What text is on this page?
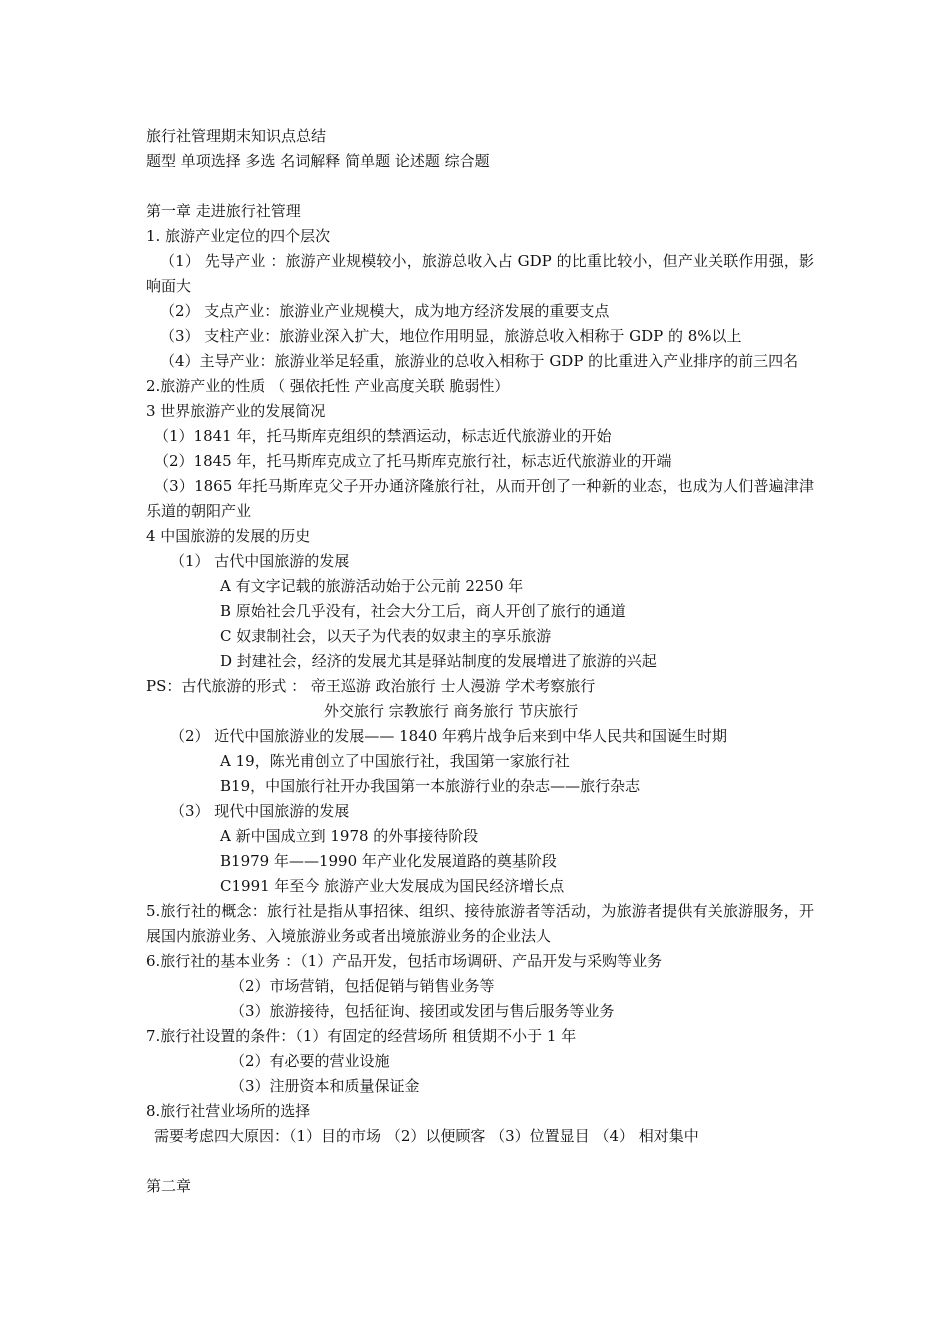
旅行社管理期末知识点总结
题型 单项选择 多选 名词解释 简单题 论述题 综合题
第一章 走进旅行社管理
1. 旅游产业定位的四个层次
（1） 先导产业 ：旅游产业规模较小，旅游总收入占 GDP 的比重比较小，但产业关联作用强，影响面大
（2） 支点产业：旅游业产业规模大，成为地方经济发展的重要支点
（3） 支柱产业：旅游业深入扩大，地位作用明显，旅游总收入相称于 GDP 的 8%以上
（4）主导产业：旅游业举足轻重，旅游业的总收入相称于 GDP 的比重进入产业排序的前三四名
2.旅游产业的性质 （ 强依托性 产业高度关联 脆弱性）
3 世界旅游产业的发展简况
（1）1841 年，托马斯库克组织的禁酒运动，标志近代旅游业的开始
（2）1845 年，托马斯库克成立了托马斯库克旅行社，标志近代旅游业的开端
（3）1865 年托马斯库克父子开办通济隆旅行社，从而开创了一种新的业态，也成为人们普遍津津乐道的朝阳产业
4 中国旅游的发展的历史
（1） 古代中国旅游的发展
A 有文字记载的旅游活动始于公元前 2250 年
B 原始社会几乎没有，社会大分工后，商人开创了旅行的通道
C 奴隶制社会，以天子为代表的奴隶主的享乐旅游
D 封建社会，经济的发展尤其是驿站制度的发展增进了旅游的兴起
PS：古代旅游的形式 ： 帝王巡游 政治旅行 士人漫游 学术考察旅行
外交旅行 宗教旅行 商务旅行 节庆旅行
（2） 近代中国旅游业的发展—— 1840 年鸦片战争后来到中华人民共和国诞生时期
A 19，陈光甫创立了中国旅行社，我国第一家旅行社
B19，中国旅行社开办我国第一本旅游行业的杂志——旅行杂志
（3） 现代中国旅游的发展
A 新中国成立到 1978 的外事接待阶段
B1979 年——1990 年产业化发展道路的奠基阶段
C1991 年至今 旅游产业大发展成为国民经济增长点
5.旅行社的概念：旅行社是指从事招徕、组织、接待旅游者等活动，为旅游者提供有关旅游服务，开展国内旅游业务、入境旅游业务或者出境旅游业务的企业法人
6.旅行社的基本业务 ：（1）产品开发，包括市场调研、产品开发与采购等业务
（2）市场营销，包括促销与销售业务等
（3）旅游接待，包括征询、接团或发团与售后服务等业务
7.旅行社设置的条件：（1）有固定的经营场所 租赁期不小于 1 年
（2）有必要的营业设施
（3）注册资本和质量保证金
8.旅行社营业场所的选择
需要考虑四大原因：（1）目的市场 （2）以便顾客 （3）位置显目 （4） 相对集中
第二章
